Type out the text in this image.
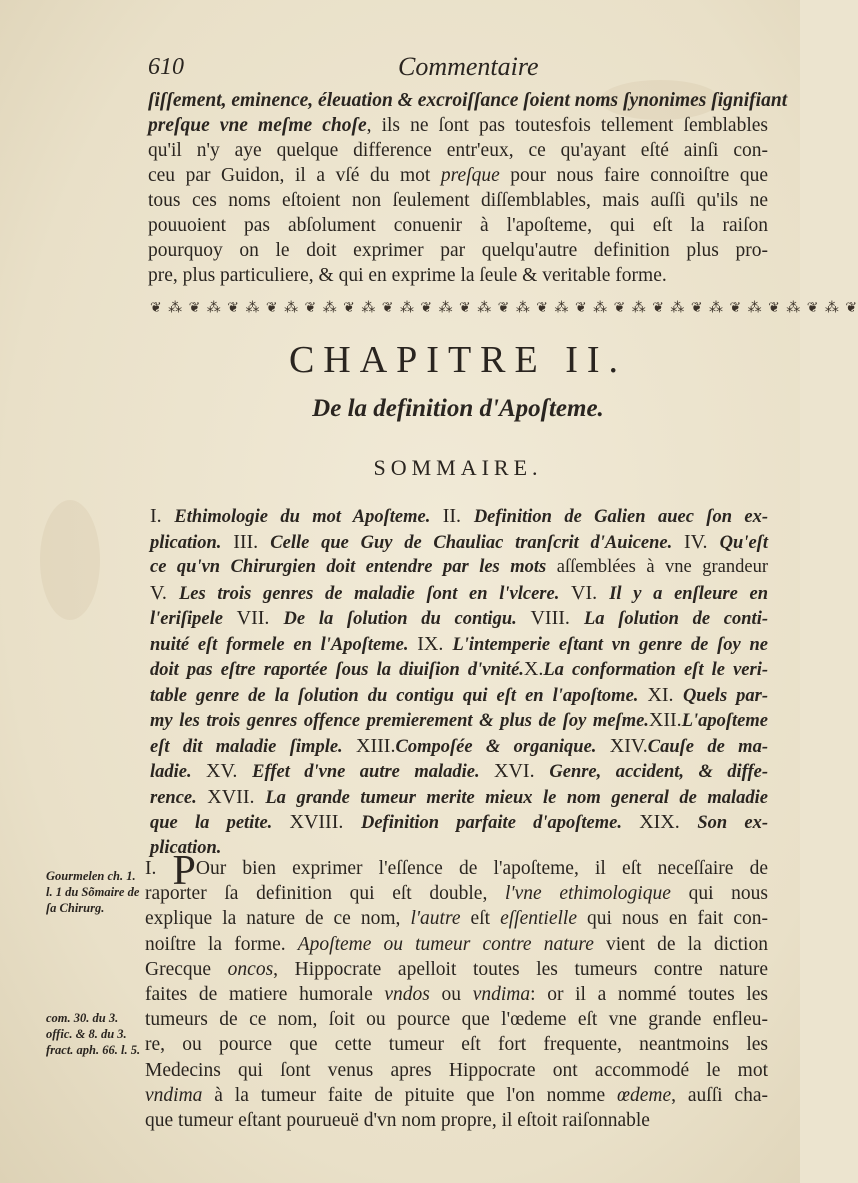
610	Commentaire
ſiſſement, eminence, éleuation & excroiſſance ſoient noms ſynonimes ſignifiant
preſque vne meſme choſe, ils ne ſont pas toutesfois tellement ſemblables
qu'il n'y aye quelque difference entr'eux, ce qu'ayant eſté ainſi con-
ceu par Guidon, il a vſé du mot preſque pour nous faire connoiſtre que
tous ces noms eſtoient non ſeulement diſſemblables, mais auſſi qu'ils ne
pouuoient pas abſolument conuenir à l'apoſteme, qui eſt la raiſon
pourquoy on le doit exprimer par quelqu'autre definition plus pro-
pre, plus particuliere, & qui en exprime la ſeule & veritable forme.
❦ ⁂ ❦ ⁂ ❦ ⁂ ❦ ⁂ ❦ ⁂ ❦ ⁂ ❦ ⁂ ❦ ⁂ ❦ ⁂ ❦ ⁂ ❦ ⁂ ❦ ⁂ ❦ ⁂ ❦ ⁂ ❦ ⁂ ❦ ⁂ ❦ ⁂ ❦ ⁂ ❦
CHAPITRE II.
De la definition d'Apoſteme.
SOMMAIRE.
I. Ethimologie du mot Apoſteme. II. Definition de Galien auec ſon ex-
plication. III. Celle que Guy de Chauliac tranſcrit d'Auicene. IV. Qu'eſt
ce qu'vn Chirurgien doit entendre par les mots aſſemblées à vne grandeur
V. Les trois genres de maladie ſont en l'vlcere. VI. Il y a enſleure en
l'eriſipele VII. De la ſolution du contigu. VIII. La ſolution de conti-
nuité eſt formele en l'Apoſteme. IX. L'intemperie eſtant vn genre de ſoy ne
doit pas eſtre raportée ſous la diuiſion d'vnité.X.La conformation eſt le veri-
table genre de la ſolution du contigu qui eſt en l'apoſtome. XI. Quels par-
my les trois genres offence premierement & plus de ſoy meſme.XII.L'apoſteme
eſt dit maladie ſimple. XIII.Compoſée & organique. XIV.Cauſe de ma-
ladie. XV. Effet d'vne autre maladie. XVI. Genre, accident, & diffe-
rence. XVII. La grande tumeur merite mieux le nom general de maladie
que la petite. XVIII. Definition parfaite d'apoſteme. XIX. Son ex-
plication.
Gourmelen ch. 1. l. 1 du Sõmaire de ſa Chirurg.
com. 30. du 3. offic. & 8. du 3. fract. aph. 66. l. 5.
I. POur bien exprimer l'eſſence de l'apoſteme, il eſt neceſſaire de
raporter ſa definition qui eſt double, l'vne ethimologique qui nous
explique la nature de ce nom, l'autre eſt eſſentielle qui nous en fait con-
noiſtre la forme. Apoſteme ou tumeur contre nature vient de la diction
Grecque oncos, Hippocrate apelloit toutes les tumeurs contre nature
faites de matiere humorale vndos ou vndima: or il a nommé toutes les
tumeurs de ce nom, ſoit ou pource que l'œdeme eſt vne grande enfleu-
re, ou pource que cette tumeur eſt fort frequente, neantmoins les
Medecins qui ſont venus apres Hippocrate ont accommodé le mot
vndima à la tumeur faite de pituite que l'on nomme œdeme, auſſi cha-
que tumeur eſtant pourueuë d'vn nom propre, il eſtoit raiſonnable
